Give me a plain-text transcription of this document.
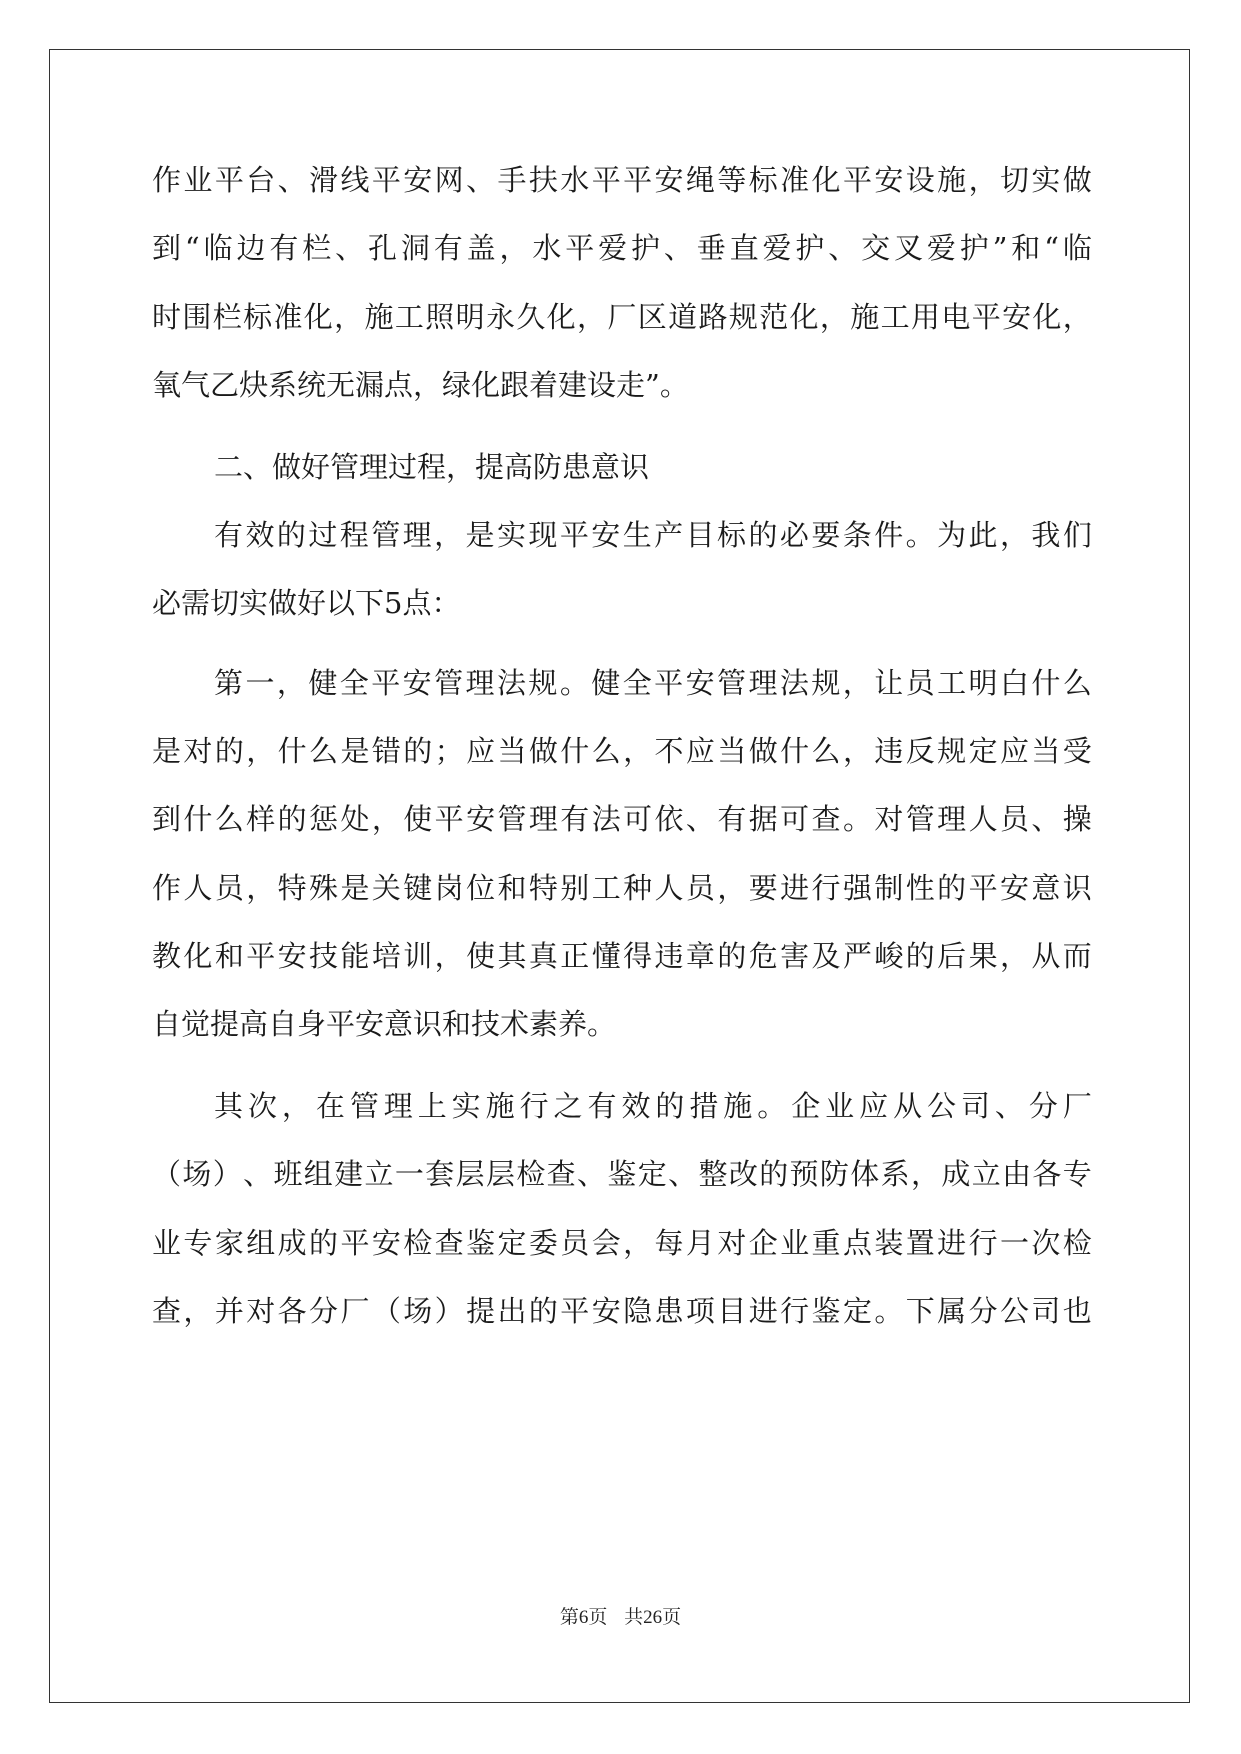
作 业 平 台 、 滑 线 平 安 网 、 手 扶 水 平 平 安 绳 等 标 准 化 平 安 设 施 ， 切 实 做
到 “ 临 边 有 栏 、 孔 洞 有 盖 ， 水 平 爱 护 、 垂 直 爱 护 、 交 叉 爱 护 ” 和 “ 临
时 围 栏 标 准 化 ， 施 工 照 明 永 久 化 ， 厂 区 道 路 规 范 化 ， 施 工 用 电 平 安 化 ，
氧气乙炔系统无漏点，绿化跟着建设走”。
二、做好管理过程，提高防患意识
有 效 的 过 程 管 理 ， 是 实 现 平 安 生 产 目 标 的 必 要 条 件 。 为 此 ， 我 们
必需切实做好以下5点：
第 一 ， 健 全 平 安 管 理 法 规 。 健 全 平 安 管 理 法 规 ， 让 员 工 明 白 什 么
是 对 的 ， 什 么 是 错 的 ； 应 当 做 什 么 ， 不 应 当 做 什 么 ， 违 反 规 定 应 当 受
到 什 么 样 的 惩 处 ， 使 平 安 管 理 有 法 可 依 、 有 据 可 查 。 对 管 理 人 员 、 操
作 人 员 ， 特 殊 是 关 键 岗 位 和 特 别 工 种 人 员 ， 要 进 行 强 制 性 的 平 安 意 识
教 化 和 平 安 技 能 培 训 ， 使 其 真 正 懂 得 违 章 的 危 害 及 严 峻 的 后 果 ， 从 而
自觉提高自身平安意识和技术素养。
其 次 ， 在 管 理 上 实 施 行 之 有 效 的 措 施 。 企 业 应 从 公 司 、 分 厂
（ 场 ） 、 班 组 建 立 一 套 层 层 检 查 、 鉴 定 、 整 改 的 预 防 体 系 ， 成 立 由 各 专
业 专 家 组 成 的 平 安 检 查 鉴 定 委 员 会 ， 每 月 对 企 业 重 点 装 置 进 行 一 次 检
查 ， 并 对 各 分 厂 （ 场 ） 提 出 的 平 安 隐 患 项 目 进 行 鉴 定 。 下 属 分 公 司 也
第6页 共26页
